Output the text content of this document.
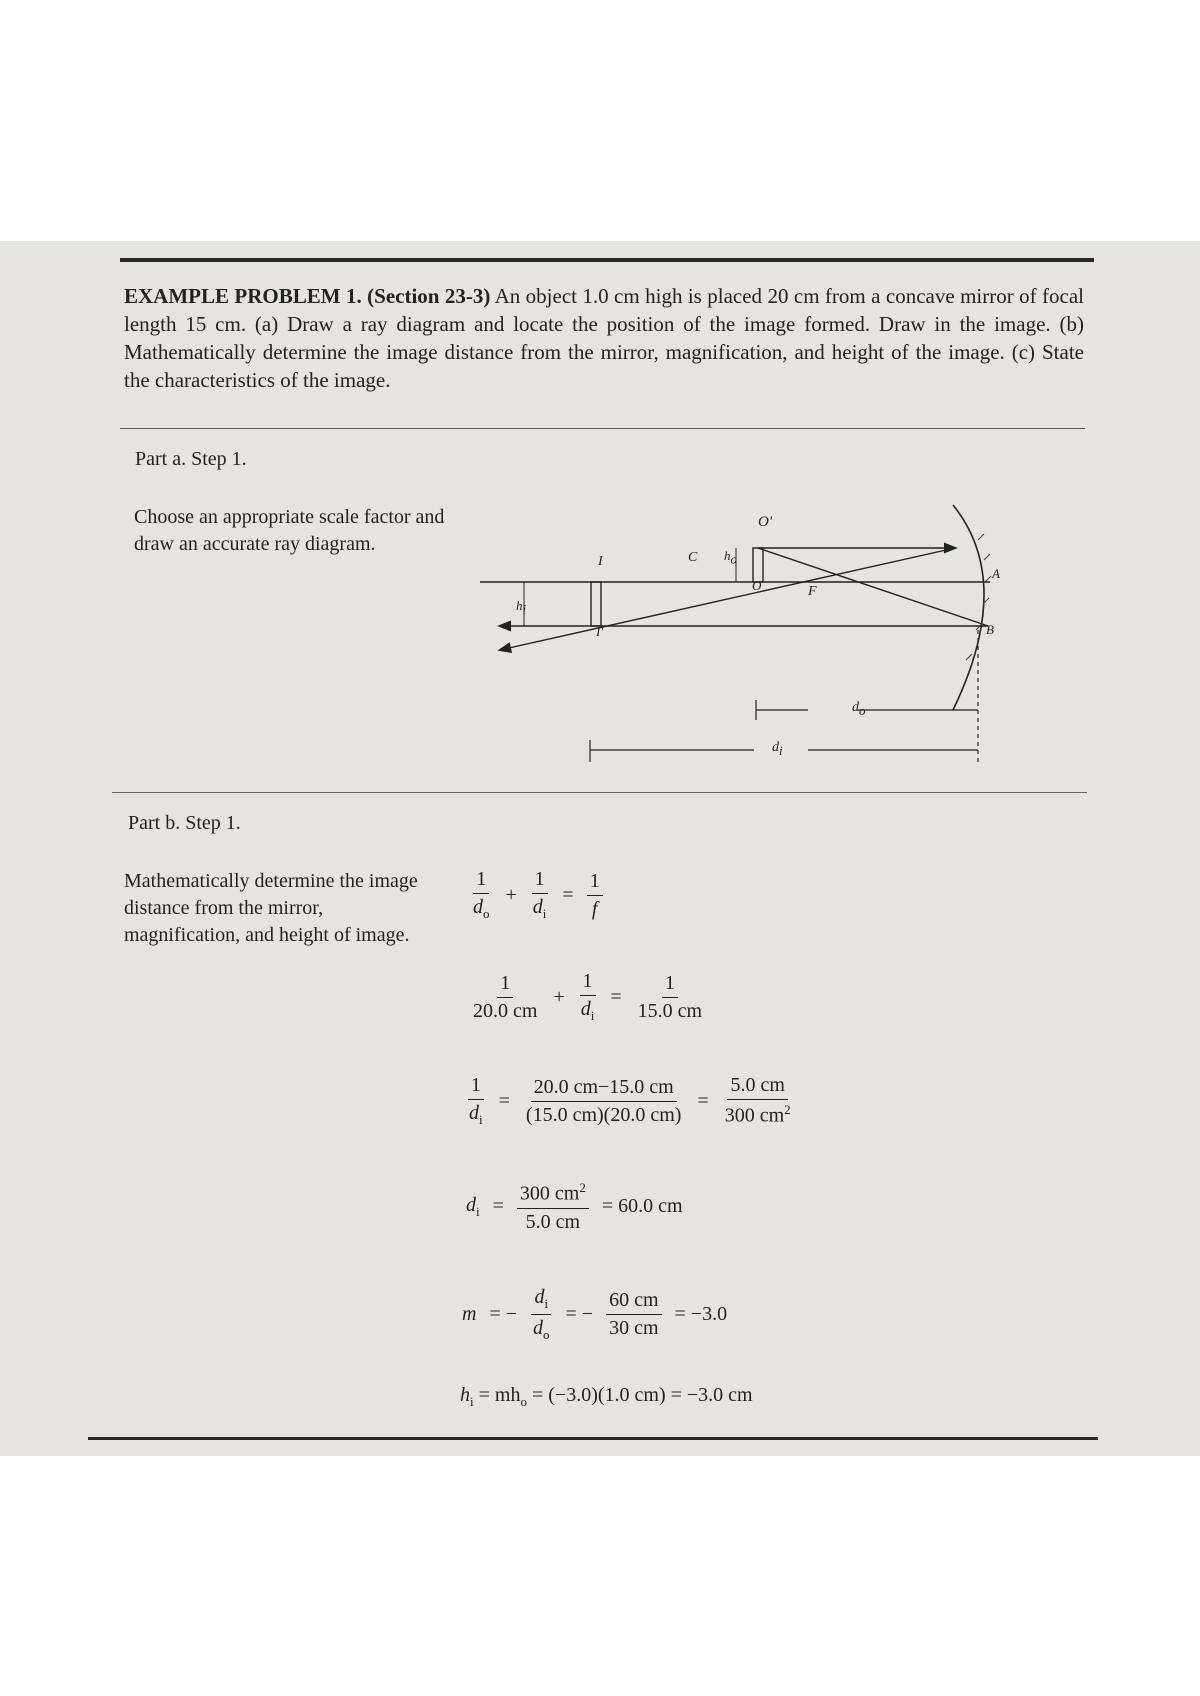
EXAMPLE PROBLEM 1. (Section 23-3) An object 1.0 cm high is placed 20 cm from a concave mirror of focal length 15 cm. (a) Draw a ray diagram and locate the position of the image formed. Draw in the image. (b) Mathematically determine the image distance from the mirror, magnification, and height of the image. (c) State the characteristics of the image.
Part a. Step 1.
Choose an appropriate scale factor and draw an accurate ray diagram.
O'
O
$h_o$
C
F
I
I'
$h_i$
A
B
$d_o$
$d_i$
Part b. Step 1.
Mathematically determine the image distance from the mirror, magnification, and height of image.
$\frac{1}{d_o} + \frac{1}{d_i} = \frac{1}{f}$
$\frac{1}{20.0 cm} + \frac{1}{d_i} = \frac{1}{15.0 cm}$
$\frac{1}{d_i} = \frac{20.0 cm-15.0 cm}{(15.0 cm)(20.0 cm)} = \frac{5.0 cm}{300 cm^2}$
$d_i = \frac{300 cm^2}{5.0 cm} = 60.0$ cm
m = − $\frac{d_i}{d_o}$ = − $\frac{60 cm}{30 cm} = -3.0$
$h_i = mh_o = (-3.0)(1.0$ cm) = −3.0 cm
